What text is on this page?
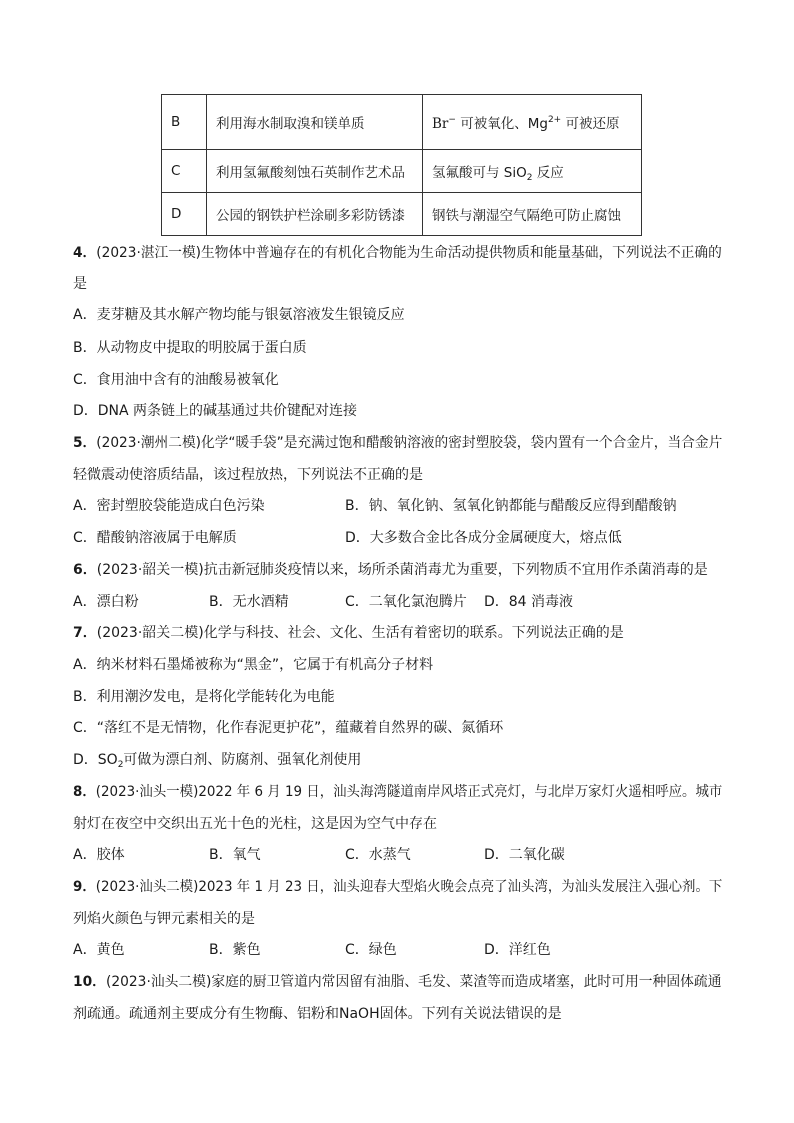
B	利用海水制取溴和镁单质	Br− 可被氧化、$Mg^{2+}$ 可被还原
C	利用氢氟酸刻蚀石英制作艺术品	氢氟酸可与 SiO$_2$ 反应
D	公园的钢铁护栏涂刷多彩防锈漆	钢铁与潮湿空气隔绝可防止腐蚀
4．(2023·湛江一模)生物体中普遍存在的有机化合物能为生命活动提供物质和能量基础，下列说法不正确的
是
A．麦芽糖及其水解产物均能与银氨溶液发生银镜反应
B．从动物皮中提取的明胶属于蛋白质
C．食用油中含有的油酸易被氧化
D．DNA 两条链上的碱基通过共价键配对连接
5．(2023·潮州二模)化学“暖手袋”是充满过饱和醋酸钠溶液的密封塑胶袋，袋内置有一个合金片，当合金片
轻微震动使溶质结晶，该过程放热，下列说法不正确的是
A．密封塑胶袋能造成白色污染	B．钠、氧化钠、氢氧化钠都能与醋酸反应得到醋酸钠
C．醋酸钠溶液属于电解质	D．大多数合金比各成分金属硬度大，熔点低
6．(2023·韶关一模)抗击新冠肺炎疫情以来，场所杀菌消毒尤为重要，下列物质不宜用作杀菌消毒的是
A．漂白粉	B．无水酒精	C．二氧化氯泡腾片 D．84 消毒液
7．(2023·韶关二模)化学与科技、社会、文化、生活有着密切的联系。下列说法正确的是
A．纳米材料石墨烯被称为“黑金”，它属于有机高分子材料
B．利用潮汐发电，是将化学能转化为电能
C．“落红不是无情物，化作春泥更护花”，蕴藏着自然界的碳、氮循环
D．$SO_2$可做为漂白剂、防腐剂、强氧化剂使用
8．(2023·汕头一模)2022 年 6 月 19 日，汕头海湾隧道南岸风塔正式亮灯，与北岸万家灯火遥相呼应。城市
射灯在夜空中交织出五光十色的光柱，这是因为空气中存在
A．胶体	B．氧气	C．水蒸气	D．二氧化碳
9．(2023·汕头二模)2023 年 1 月 23 日，汕头迎春大型焰火晚会点亮了汕头湾，为汕头发展注入强心剂。下
列焰火颜色与钾元素相关的是
A．黄色	B．紫色	C．绿色	D．洋红色
10．(2023·汕头二模)家庭的厨卫管道内常因留有油脂、毛发、菜渣等而造成堵塞，此时可用一种固体疏通
剂疏通。疏通剂主要成分有生物酶、铝粉和NaOH固体。下列有关说法错误的是
